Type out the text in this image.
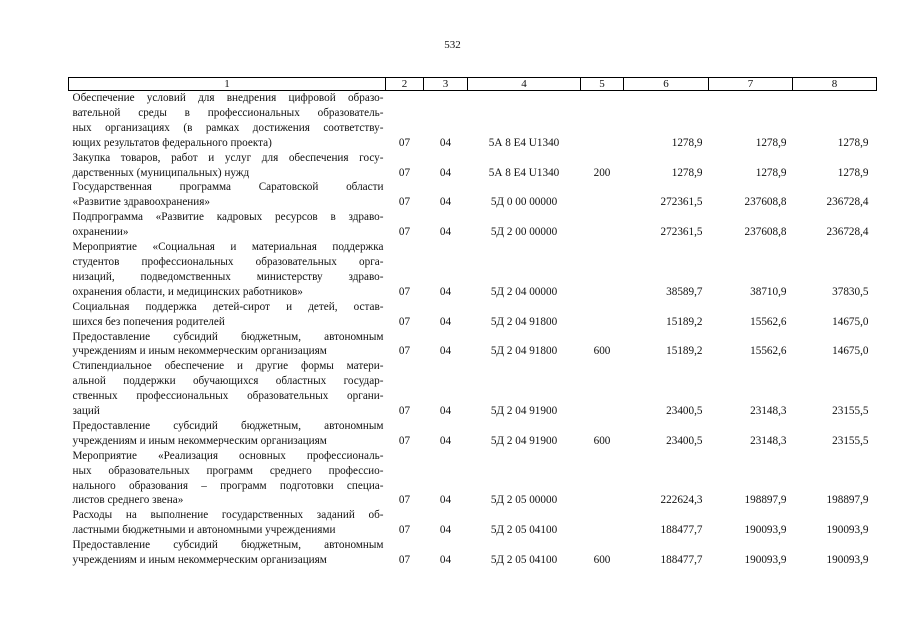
532
1	2	3	4	5	6	7	8

Обеспечение условий для внедрения цифровой образо-
вательной среды в профессиональных образователь-
ных организациях (в рамках достижения соответству-
ющих результатов федерального проекта)	07	04	5А 8 Е4 U1340		1278,9	1278,9	1278,9

Закупка товаров, работ и услуг для обеспечения госу-
дарственных (муниципальных) нужд	07	04	5А 8 Е4 U1340	200	1278,9	1278,9	1278,9

Государственная программа Саратовской области
«Развитие здравоохранения»	07	04	5Д 0 00 00000		272361,5	237608,8	236728,4

Подпрограмма «Развитие кадровых ресурсов в здраво-
охранении»	07	04	5Д 2 00 00000		272361,5	237608,8	236728,4

Мероприятие «Социальная и материальная поддержка
студентов профессиональных образовательных орга-
низаций, подведомственных министерству здраво-
охранения области, и медицинских работников»	07	04	5Д 2 04 00000		38589,7	38710,9	37830,5

Социальная поддержка детей-сирот и детей, остав-
шихся без попечения родителей	07	04	5Д 2 04 91800		15189,2	15562,6	14675,0

Предоставление субсидий бюджетным, автономным
учреждениям и иным некоммерческим организациям	07	04	5Д 2 04 91800	600	15189,2	15562,6	14675,0

Стипендиальное обеспечение и другие формы матери-
альной поддержки обучающихся областных государ-
ственных профессиональных образовательных органи-
заций	07	04	5Д 2 04 91900		23400,5	23148,3	23155,5

Предоставление субсидий бюджетным, автономным
учреждениям и иным некоммерческим организациям	07	04	5Д 2 04 91900	600	23400,5	23148,3	23155,5

Мероприятие «Реализация основных профессиональ-
ных образовательных программ среднего профессио-
нального образования – программ подготовки специа-
листов среднего звена»	07	04	5Д 2 05 00000		222624,3	198897,9	198897,9

Расходы на выполнение государственных заданий об-
ластными бюджетными и автономными учреждениями	07	04	5Д 2 05 04100		188477,7	190093,9	190093,9

Предоставление субсидий бюджетным, автономным
учреждениям и иным некоммерческим организациям	07	04	5Д 2 05 04100	600	188477,7	190093,9	190093,9
